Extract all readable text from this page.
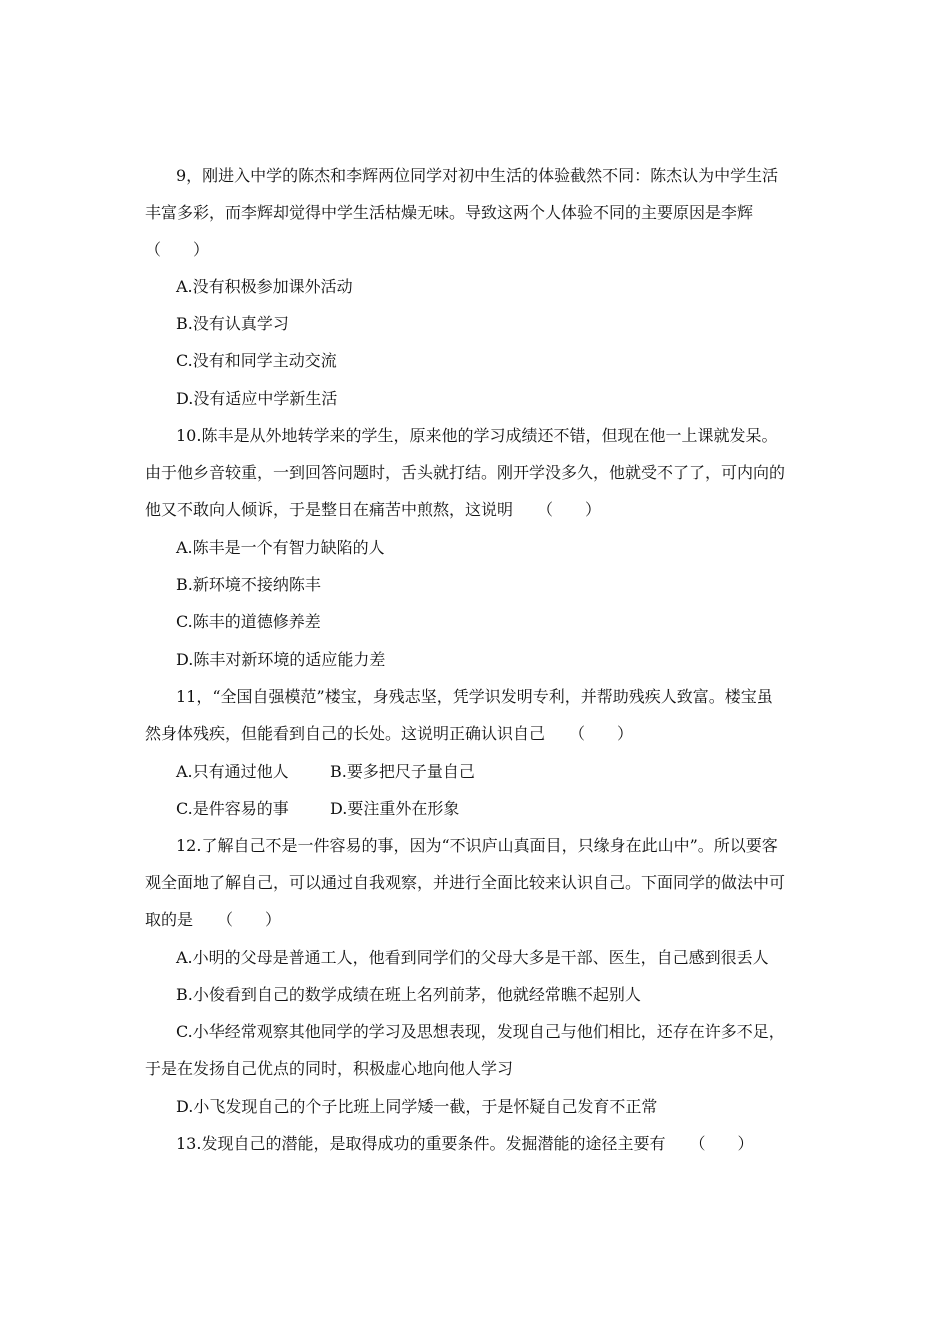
9，刚进入中学的陈杰和李辉两位同学对初中生活的体验截然不同：陈杰认为中学生活
丰富多彩，而李辉却觉得中学生活枯燥无味。导致这两个人体验不同的主要原因是李辉
（　　）
A.没有积极参加课外活动
B.没有认真学习
C.没有和同学主动交流
D.没有适应中学新生活
10.陈丰是从外地转学来的学生，原来他的学习成绩还不错，但现在他一上课就发呆。
由于他乡音较重，一到回答问题时，舌头就打结。刚开学没多久，他就受不了了，可内向的
他又不敢向人倾诉，于是整日在痛苦中煎熬，这说明　　（　　）
A.陈丰是一个有智力缺陷的人
B.新环境不接纳陈丰
C.陈丰的道德修养差
D.陈丰对新环境的适应能力差
11，“全国自强模范”楼宝，身残志坚，凭学识发明专利，并帮助残疾人致富。楼宝虽
然身体残疾，但能看到自己的长处。这说明正确认识自己　　（　　）
A.只有通过他人	B.要多把尺子量自己
C.是件容易的事	D.要注重外在形象
12.了解自己不是一件容易的事，因为“不识庐山真面目，只缘身在此山中”。所以要客
观全面地了解自己，可以通过自我观察，并进行全面比较来认识自己。下面同学的做法中可
取的是　　（　　）
A.小明的父母是普通工人，他看到同学们的父母大多是干部、医生，自己感到很丢人
B.小俊看到自己的数学成绩在班上名列前茅，他就经常瞧不起别人
C.小华经常观察其他同学的学习及思想表现，发现自己与他们相比，还存在许多不足，
于是在发扬自己优点的同时，积极虚心地向他人学习
D.小飞发现自己的个子比班上同学矮一截，于是怀疑自己发育不正常
13.发现自己的潜能，是取得成功的重要条件。发掘潜能的途径主要有　　（　　）
